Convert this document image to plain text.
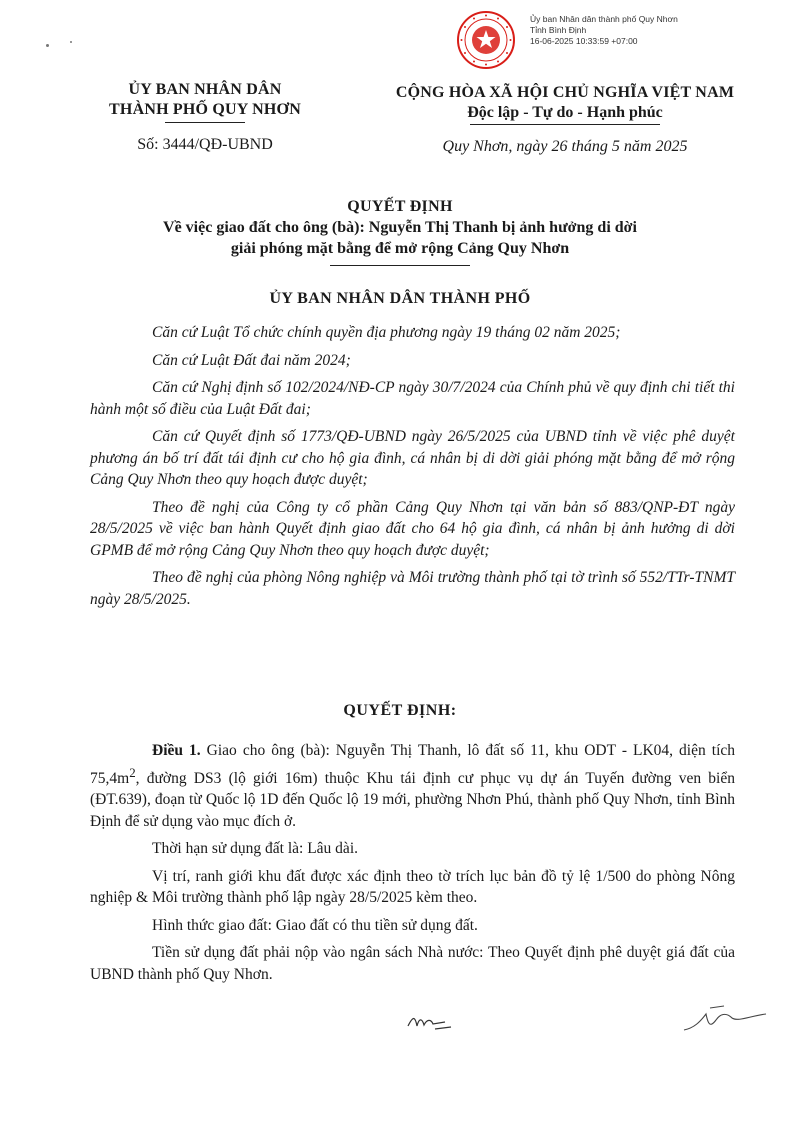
Ủy ban Nhân dân thành phố Quy Nhơn
Tỉnh Bình Định
16-06-2025 10:33:59 +07:00
ỦY BAN NHÂN DÂN
THÀNH PHỐ QUY NHƠN
Số: 3444/QĐ-UBND
CỘNG HÒA XÃ HỘI CHỦ NGHĨA VIỆT NAM
Độc lập - Tự do - Hạnh phúc
Quy Nhơn, ngày 26 tháng 5 năm 2025
QUYẾT ĐỊNH
Về việc giao đất cho ông (bà): Nguyễn Thị Thanh bị ảnh hưởng di dời giải phóng mặt bằng để mở rộng Cảng Quy Nhơn
ỦY BAN NHÂN DÂN THÀNH PHỐ

Căn cứ Luật Tổ chức chính quyền địa phương ngày 19 tháng 02 năm 2025;

Căn cứ Luật Đất đai năm 2024;

Căn cứ Nghị định số 102/2024/NĐ-CP ngày 30/7/2024 của Chính phủ về quy định chi tiết thi hành một số điều của Luật Đất đai;

Căn cứ Quyết định số 1773/QĐ-UBND ngày 26/5/2025 của UBND tỉnh về việc phê duyệt phương án bố trí đất tái định cư cho hộ gia đình, cá nhân bị di dời giải phóng mặt bằng để mở rộng Cảng Quy Nhơn theo quy hoạch được duyệt;

Theo đề nghị của Công ty cổ phần Cảng Quy Nhơn tại văn bản số 883/QNP-ĐT ngày 28/5/2025 về việc ban hành Quyết định giao đất cho 64 hộ gia đình, cá nhân bị ảnh hưởng di dời GPMB để mở rộng Cảng Quy Nhơn theo quy hoạch được duyệt;

Theo đề nghị của phòng Nông nghiệp và Môi trường thành phố tại tờ trình số 552/TTr-TNMT ngày 28/5/2025.

QUYẾT ĐỊNH:

Điều 1. Giao cho ông (bà): Nguyễn Thị Thanh, lô đất số 11, khu ODT - LK04, diện tích $75,4m^2$, đường DS3 (lộ giới 16m) thuộc Khu tái định cư phục vụ dự án Tuyến đường ven biển (ĐT.639), đoạn từ Quốc lộ 1D đến Quốc lộ 19 mới, phường Nhơn Phú, thành phố Quy Nhơn, tỉnh Bình Định để sử dụng vào mục đích ở.

Thời hạn sử dụng đất là: Lâu dài.

Vị trí, ranh giới khu đất được xác định theo tờ trích lục bản đồ tỷ lệ 1/500 do phòng Nông nghiệp & Môi trường thành phố lập ngày 28/5/2025 kèm theo.

Hình thức giao đất: Giao đất có thu tiền sử dụng đất.

Tiền sử dụng đất phải nộp vào ngân sách Nhà nước: Theo Quyết định phê duyệt giá đất của UBND thành phố Quy Nhơn.
